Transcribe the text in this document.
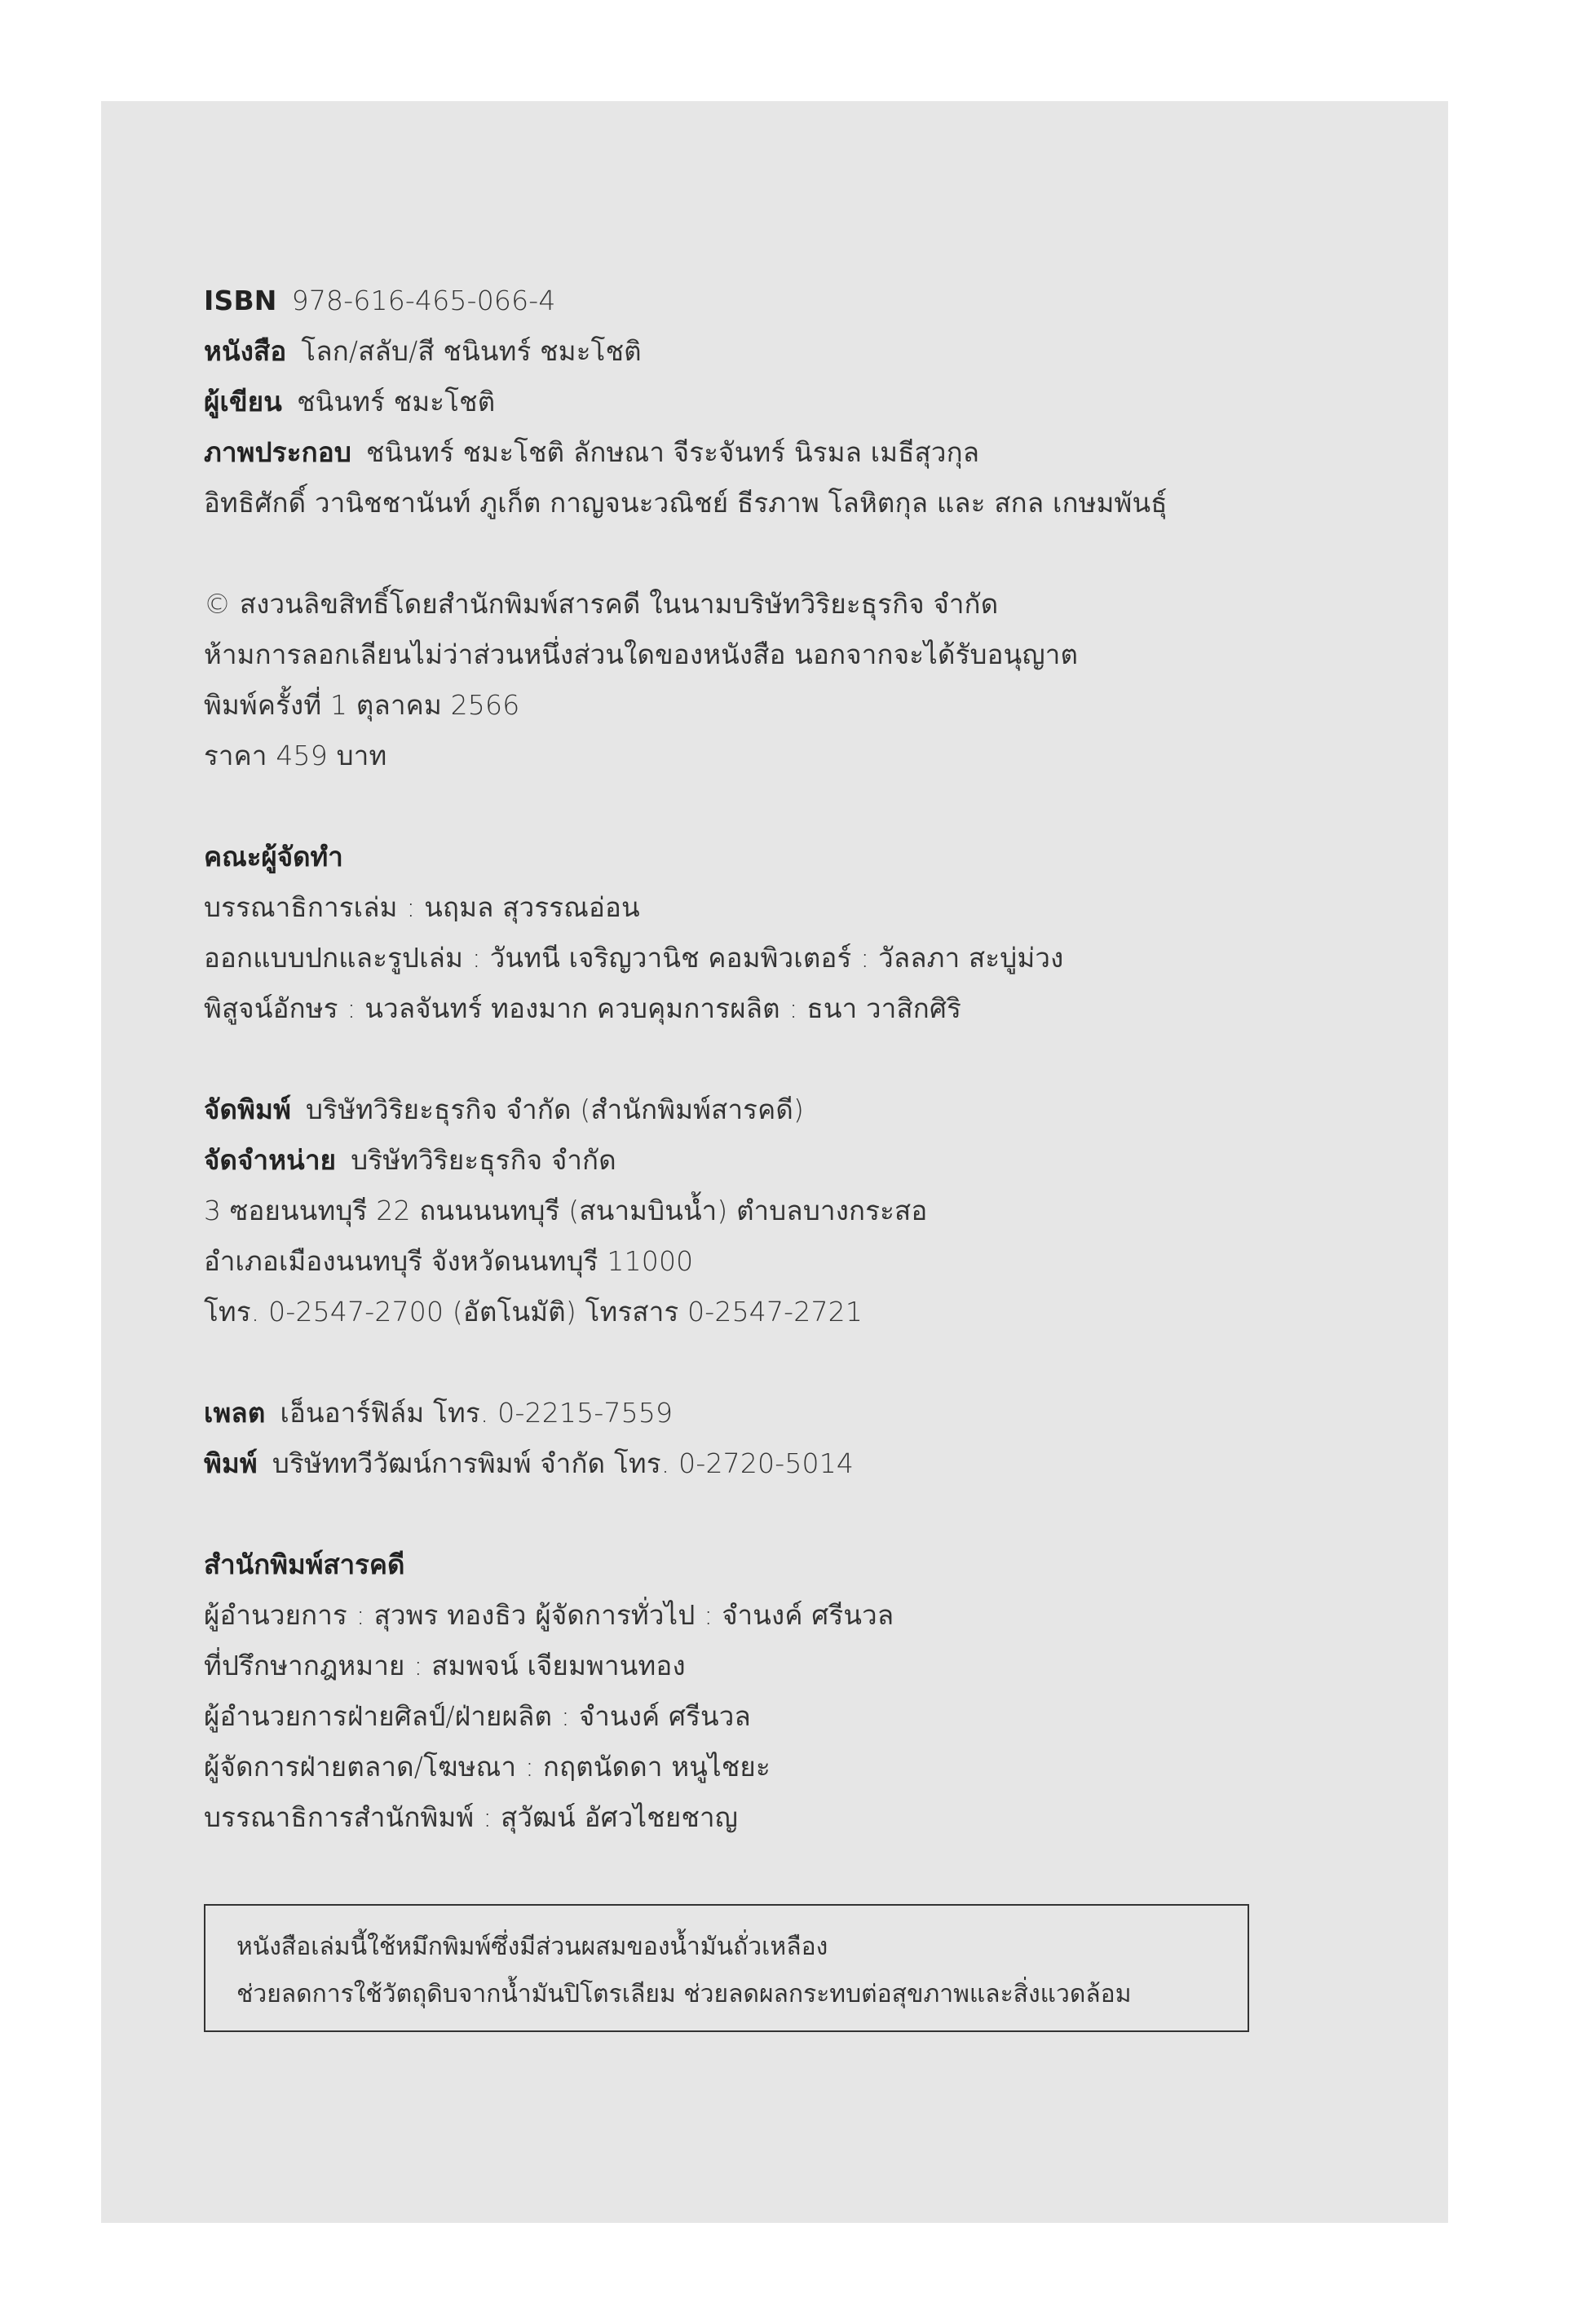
ISBN 978-616-465-066-4
หนังสือ โลก/สลับ/สี ชนินทร์ ชมะโชติ
ผู้เขียน ชนินทร์ ชมะโชติ
ภาพประกอบ ชนินทร์ ชมะโชติ ลักษณา จีระจันทร์ นิรมล เมธีสุวกุล
อิทธิศักดิ์ วานิชชานันท์ ภูเก็ต กาญจนะวณิชย์ ธีรภาพ โลหิตกุล และ สกล เกษมพันธุ์
© สงวนลิขสิทธิ์โดยสำนักพิมพ์สารคดี ในนามบริษัทวิริยะธุรกิจ จำกัด
ห้ามการลอกเลียนไม่ว่าส่วนหนึ่งส่วนใดของหนังสือ นอกจากจะได้รับอนุญาต
พิมพ์ครั้งที่ 1 ตุลาคม 2566
ราคา 459 บาท
คณะผู้จัดทำ
บรรณาธิการเล่ม : นฤมล สุวรรณอ่อน
ออกแบบปกและรูปเล่ม : วันทนี เจริญวานิช คอมพิวเตอร์ : วัลลภา สะบู่ม่วง
พิสูจน์อักษร : นวลจันทร์ ทองมาก ควบคุมการผลิต : ธนา วาสิกศิริ
จัดพิมพ์ บริษัทวิริยะธุรกิจ จำกัด (สำนักพิมพ์สารคดี)
จัดจำหน่าย บริษัทวิริยะธุรกิจ จำกัด
3 ซอยนนทบุรี 22 ถนนนนทบุรี (สนามบินน้ำ) ตำบลบางกระสอ
อำเภอเมืองนนทบุรี จังหวัดนนทบุรี 11000
โทร. 0-2547-2700 (อัตโนมัติ) โทรสาร 0-2547-2721
เพลต เอ็นอาร์ฟิล์ม โทร. 0-2215-7559
พิมพ์ บริษัททวีวัฒน์การพิมพ์ จำกัด โทร. 0-2720-5014
สำนักพิมพ์สารคดี
ผู้อำนวยการ : สุวพร ทองธิว ผู้จัดการทั่วไป : จำนงค์ ศรีนวล
ที่ปรึกษากฎหมาย : สมพจน์ เจียมพานทอง
ผู้อำนวยการฝ่ายศิลป์/ฝ่ายผลิต : จำนงค์ ศรีนวล
ผู้จัดการฝ่ายตลาด/โฆษณา : กฤตนัดดา หนูไชยะ
บรรณาธิการสำนักพิมพ์ : สุวัฒน์ อัศวไชยชาญ
หนังสือเล่มนี้ใช้หมึกพิมพ์ซึ่งมีส่วนผสมของน้ำมันถั่วเหลือง
ช่วยลดการใช้วัตถุดิบจากน้ำมันปิโตรเลียม ช่วยลดผลกระทบต่อสุขภาพและสิ่งแวดล้อม
